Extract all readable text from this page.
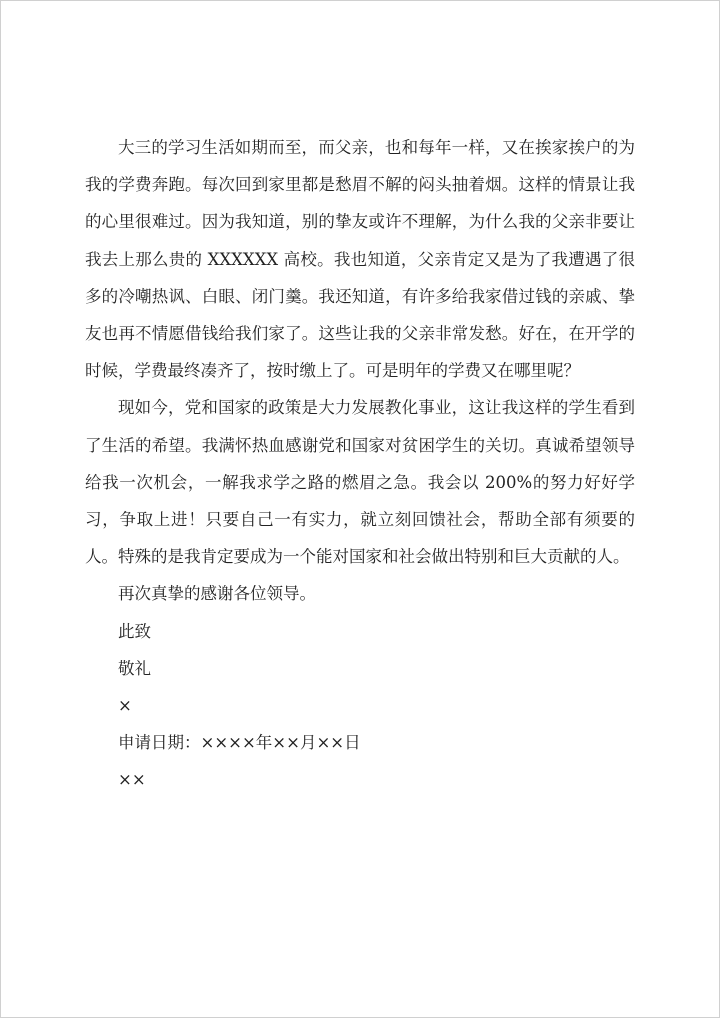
大三的学习生活如期而至，而父亲，也和每年一样，又在挨家挨户的为我的学费奔跑。每次回到家里都是愁眉不解的闷头抽着烟。这样的情景让我的心里很难过。因为我知道，别的挚友或许不理解，为什么我的父亲非要让我去上那么贵的 XXXXXX 高校。我也知道，父亲肯定又是为了我遭遇了很多的冷嘲热讽、白眼、闭门羹。我还知道，有许多给我家借过钱的亲戚、挚友也再不情愿借钱给我们家了。这些让我的父亲非常发愁。好在，在开学的时候，学费最终凑齐了，按时缴上了。可是明年的学费又在哪里呢？

现如今，党和国家的政策是大力发展教化事业，这让我这样的学生看到了生活的希望。我满怀热血感谢党和国家对贫困学生的关切。真诚希望领导给我一次机会，一解我求学之路的燃眉之急。我会以 200%的努力好好学习，争取上进！只要自己一有实力，就立刻回馈社会，帮助全部有须要的人。特殊的是我肯定要成为一个能对国家和社会做出特别和巨大贡献的人。

再次真挚的感谢各位领导。

此致

敬礼

×

申请日期：××××年××月××日

××
